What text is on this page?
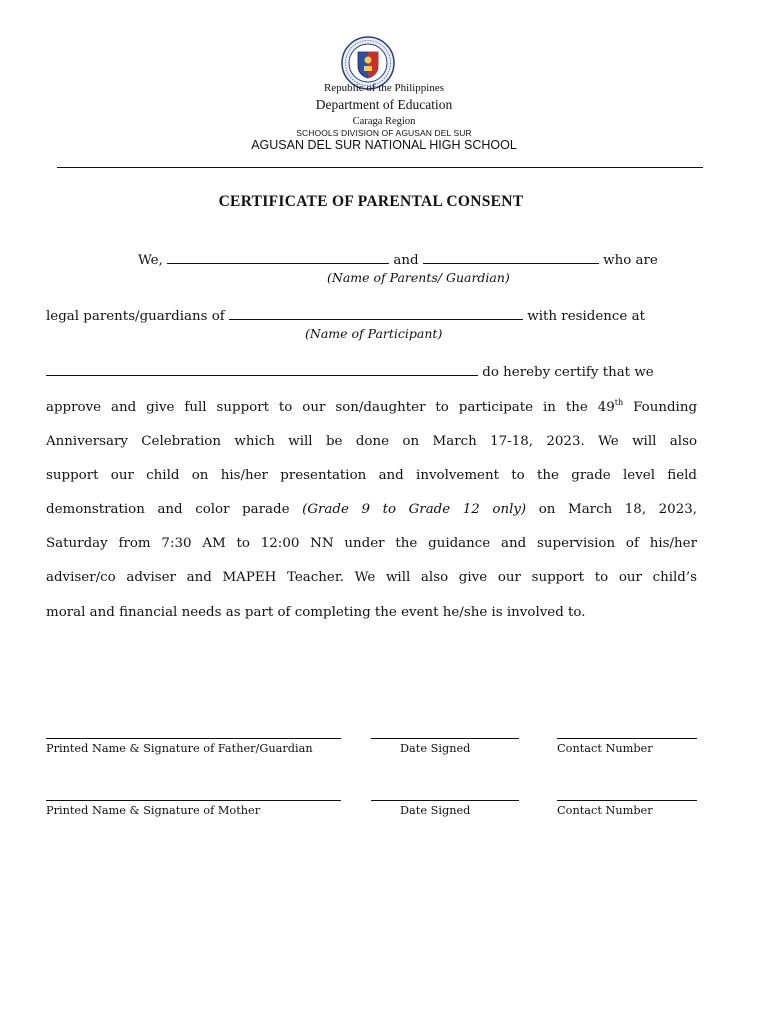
Republic of the Philippines
Department of Education
Caraga Region
SCHOOLS DIVISION OF AGUSAN DEL SUR
AGUSAN DEL SUR NATIONAL HIGH SCHOOL
CERTIFICATE OF PARENTAL CONSENT
We,	and	who are
(Name of Parents/ Guardian)
legal parents/guardians of	with residence at
(Name of Participant)
do hereby certify that we
approve and give full support to our son/daughter to participate in the 49th Founding
Anniversary Celebration which will be done on March 17-18, 2023. We will also
support our child on his/her presentation and involvement to the grade level field
demonstration and color parade (Grade 9 to Grade 12 only) on March 18, 2023,
Saturday from 7:30 AM to 12:00 NN under the guidance and supervision of his/her
adviser/co adviser and MAPEH Teacher. We will also give our support to our child’s
moral and financial needs as part of completing the event he/she is involved to.
Printed Name & Signature of Father/Guardian	Date Signed	Contact Number
Printed Name & Signature of Mother	Date Signed	Contact Number
